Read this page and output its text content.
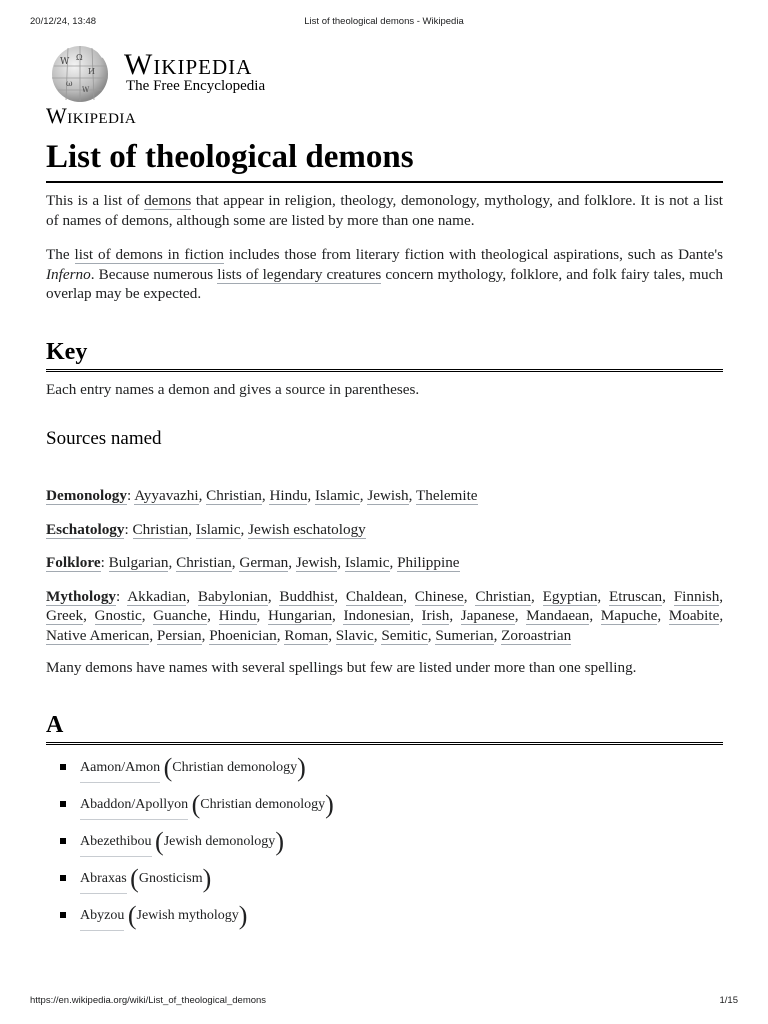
20/12/24, 13:48	List of theological demons - Wikipedia
W Ω
И
ω
W
Wikipedia
The Free Encyclopedia
Wikipedia
List of theological demons

This is a list of demons that appear in religion, theology, demonology, mythology, and folklore. It is not a list of names of demons, although some are listed by more than one name.

The list of demons in fiction includes those from literary fiction with theological aspirations, such as Dante's Inferno. Because numerous lists of legendary creatures concern mythology, folklore, and folk fairy tales, much overlap may be expected.

Key

Each entry names a demon and gives a source in parentheses.

Sources named

Demonology: Ayyavazhi, Christian, Hindu, Islamic, Jewish, Thelemite

Eschatology: Christian, Islamic, Jewish eschatology

Folklore: Bulgarian, Christian, German, Jewish, Islamic, Philippine

Mythology: Akkadian, Babylonian, Buddhist, Chaldean, Chinese, Christian, Egyptian, Etruscan, Finnish, Greek, Gnostic, Guanche, Hindu, Hungarian, Indonesian, Irish, Japanese, Mandaean, Mapuche, Moabite, Native American, Persian, Phoenician, Roman, Slavic, Semitic, Sumerian, Zoroastrian

Many demons have names with several spellings but few are listed under more than one spelling.

A
Aamon/Amon (Christian demonology)
Abaddon/Apollyon (Christian demonology)
Abezethibou (Jewish demonology)
Abraxas (Gnosticism)
Abyzou (Jewish mythology)
https://en.wikipedia.org/wiki/List_of_theological_demons	1/15
